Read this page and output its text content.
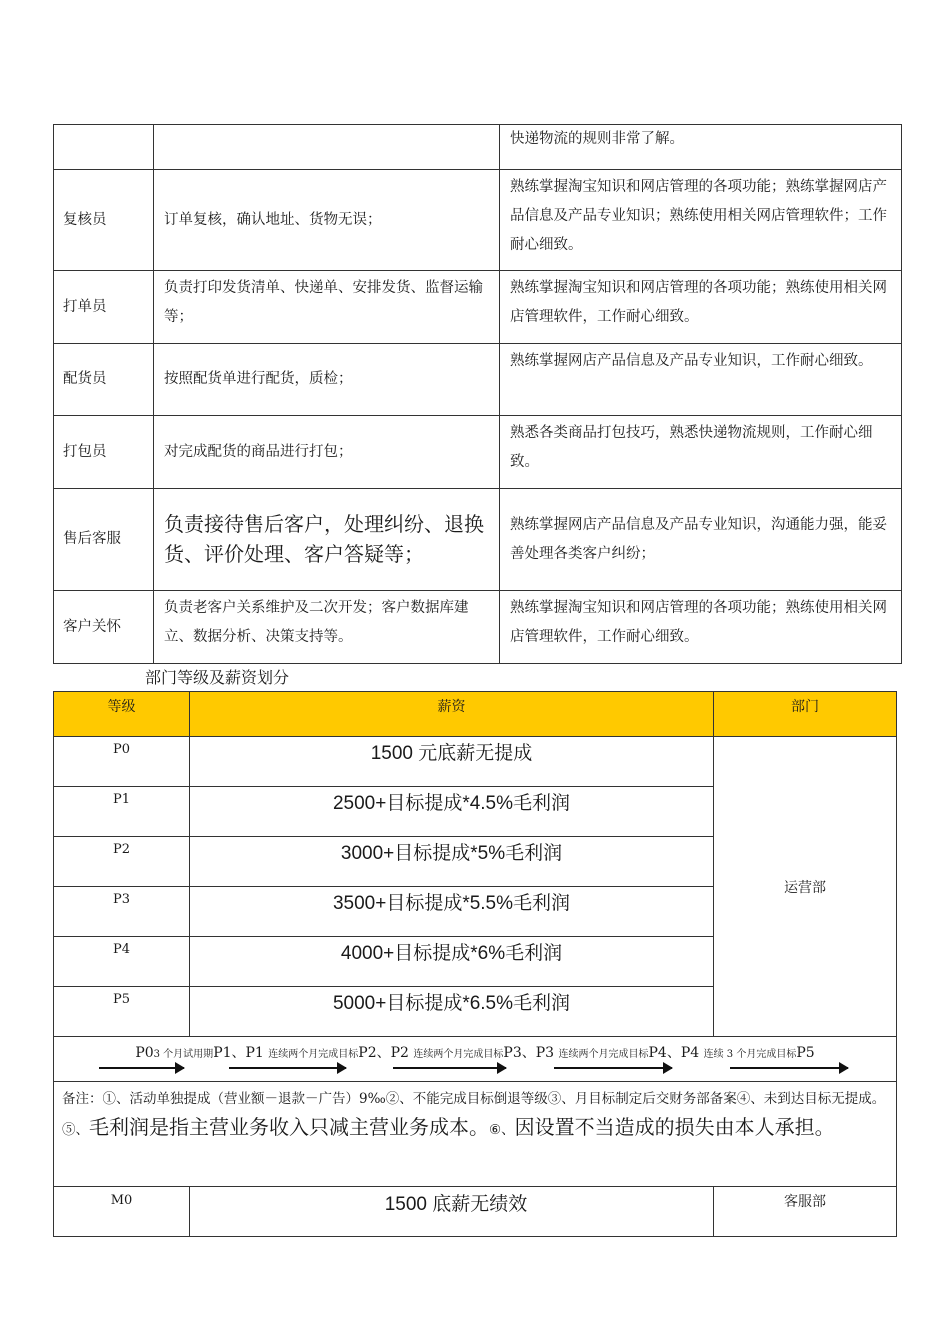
		快递物流的规则非常了解。
复核员	订单复核，确认地址、货物无误；	熟练掌握淘宝知识和网店管理的各项功能；熟练掌握网店产品信息及产品专业知识；熟练使用相关网店管理软件；工作耐心细致。
打单员	负责打印发货清单、快递单、安排发货、监督运输等；	熟练掌握淘宝知识和网店管理的各项功能；熟练使用相关网店管理软件，工作耐心细致。
配货员	按照配货单进行配货，质检；	熟练掌握网店产品信息及产品专业知识，工作耐心细致。
打包员	对完成配货的商品进行打包；	熟悉各类商品打包技巧，熟悉快递物流规则，工作耐心细致。
售后客服	负责接待售后客户，处理纠纷、退换货、评价处理、客户答疑等；	熟练掌握网店产品信息及产品专业知识，沟通能力强，能妥善处理各类客户纠纷；
客户关怀	负责老客户关系维护及二次开发；客户数据库建立、数据分析、决策支持等。	熟练掌握淘宝知识和网店管理的各项功能；熟练使用相关网店管理软件，工作耐心细致。
部门等级及薪资划分
等级	薪资	部门
P0	1500 元底薪无提成	运营部
P1	2500+目标提成*4.5%毛利润	
P2	3000+目标提成*5%毛利润	
P3	3500+目标提成*5.5%毛利润	
P4	4000+目标提成*6%毛利润	
P5	5000+目标提成*6.5%毛利润	

P03 个月试用期P1、P1 连续两个月完成目标P2、P2 连续两个月完成目标P3、P3 连续两个月完成目标P4、P4 连续 3 个月完成目标P5		

备注：①、活动单独提成（营业额－退款－广告）9‰②、不能完成目标倒退等级③、月目标制定后交财务部备案④、未到达目标无提成。⑤、毛利润是指主营业务收入只减主营业务成本。⑥、因设置不当造成的损失由本人承担。		
M0	1500 底薪无绩效	客服部
